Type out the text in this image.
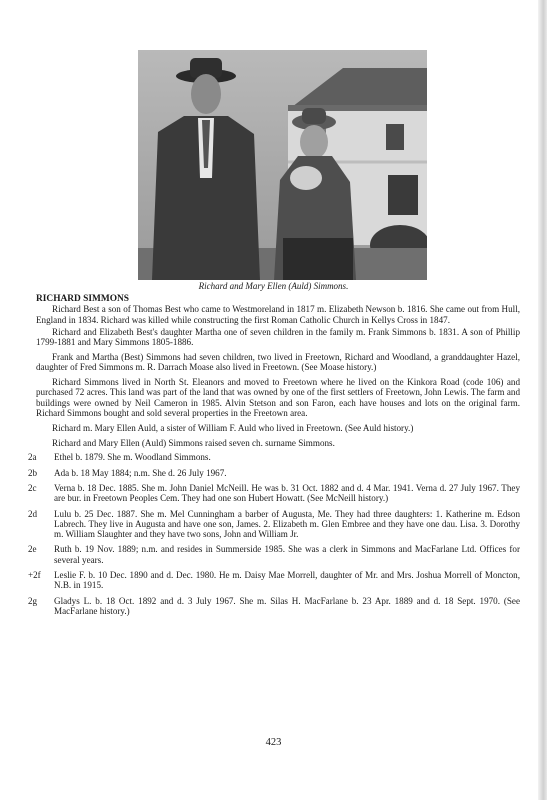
Richard and Mary Ellen (Auld) Simmons.

RICHARD SIMMONS

Richard Best a son of Thomas Best who came to Westmoreland in 1817 m. Elizabeth Newson b. 1816. She came out from Hull, England in 1834. Richard was killed while constructing the first Roman Catholic Church in Kellys Cross in 1847.

Richard and Elizabeth Best's daughter Martha one of seven children in the family m. Frank Simmons b. 1831. A son of Phillip 1799-1881 and Mary Simmons 1805-1886.

Frank and Martha (Best) Simmons had seven children, two lived in Freetown, Richard and Woodland, a granddaughter Hazel, daughter of Fred Simmons m. R. Darrach Moase also lived in Freetown. (See Moase history.)

Richard Simmons lived in North St. Eleanors and moved to Freetown where he lived on the Kinkora Road (code 106) and purchased 72 acres. This land was part of the land that was owned by one of the first settlers of Freetown, John Lewis. The farm and buildings were owned by Neil Cameron in 1985. Alvin Stetson and son Faron, each have houses and lots on the original farm. Richard Simmons bought and sold several properties in the Freetown area.

Richard m. Mary Ellen Auld, a sister of William F. Auld who lived in Freetown. (See Auld history.)

Richard and Mary Ellen (Auld) Simmons raised seven ch. surname Simmons.

2a	Ethel b. 1879. She m. Woodland Simmons.
2b	Ada b. 18 May 1884; n.m. She d. 26 July 1967.
2c	Verna b. 18 Dec. 1885. She m. John Daniel McNeill. He was b. 31 Oct. 1882 and d. 4 Mar. 1941. Verna d. 27 July 1967. They are bur. in Freetown Peoples Cem. They had one son Hubert Howatt. (See McNeill history.)
2d	Lulu b. 25 Dec. 1887. She m. Mel Cunningham a barber of Augusta, Me. They had three daughters: 1. Katherine m. Edson Labrech. They live in Augusta and have one son, James. 2. Elizabeth m. Glen Embree and they have one dau. Lisa. 3. Dorothy m. William Slaughter and they have two sons, John and William Jr.
2e	Ruth b. 19 Nov. 1889; n.m. and resides in Summerside 1985. She was a clerk in Simmons and MacFarlane Ltd. Offices for several years.
+2f	Leslie F. b. 10 Dec. 1890 and d. Dec. 1980. He m. Daisy Mae Morrell, daughter of Mr. and Mrs. Joshua Morrell of Moncton, N.B. in 1915.
2g	Gladys L. b. 18 Oct. 1892 and d. 3 July 1967. She m. Silas H. MacFarlane b. 23 Apr. 1889 and d. 18 Sept. 1970. (See MacFarlane history.)
423
